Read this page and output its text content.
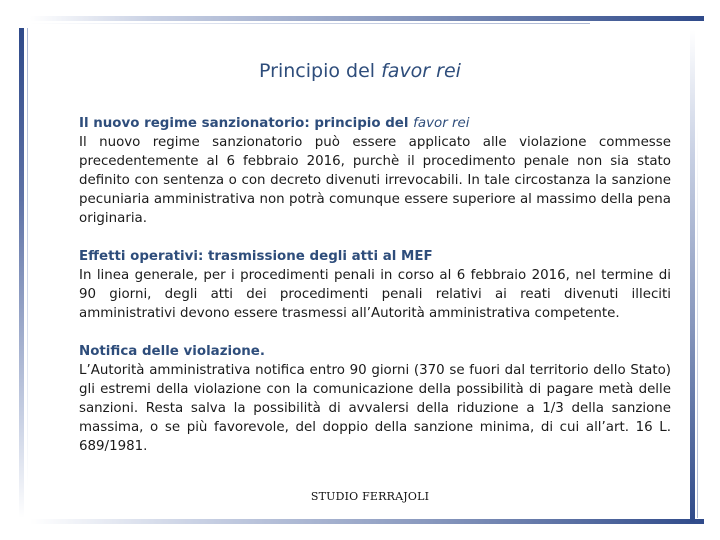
Principio del favor rei
Il nuovo regime sanzionatorio: principio del favor rei
Il nuovo regime sanzionatorio può essere applicato alle violazione commesse precedentemente al 6 febbraio 2016, purchè il procedimento penale non sia stato definito con sentenza o con decreto divenuti irrevocabili. In tale circostanza la sanzione pecuniaria amministrativa non potrà comunque essere superiore al massimo della pena originaria.
Effetti operativi: trasmissione degli atti al MEF
In linea generale, per i procedimenti penali in corso al 6 febbraio 2016, nel termine di 90 giorni, degli atti dei procedimenti penali relativi ai reati divenuti illeciti amministrativi devono essere trasmessi all’Autorità amministrativa competente.
Notifica delle violazione.
L’Autorità amministrativa notifica entro 90 giorni (370 se fuori dal territorio dello Stato) gli estremi della violazione con la comunicazione della possibilità di pagare metà delle sanzioni. Resta salva la possibilità di avvalersi della riduzione a 1/3 della sanzione massima, o se più favorevole, del doppio della sanzione minima, di cui all’art. 16 L. 689/1981.
STUDIO FERRAJOLI
